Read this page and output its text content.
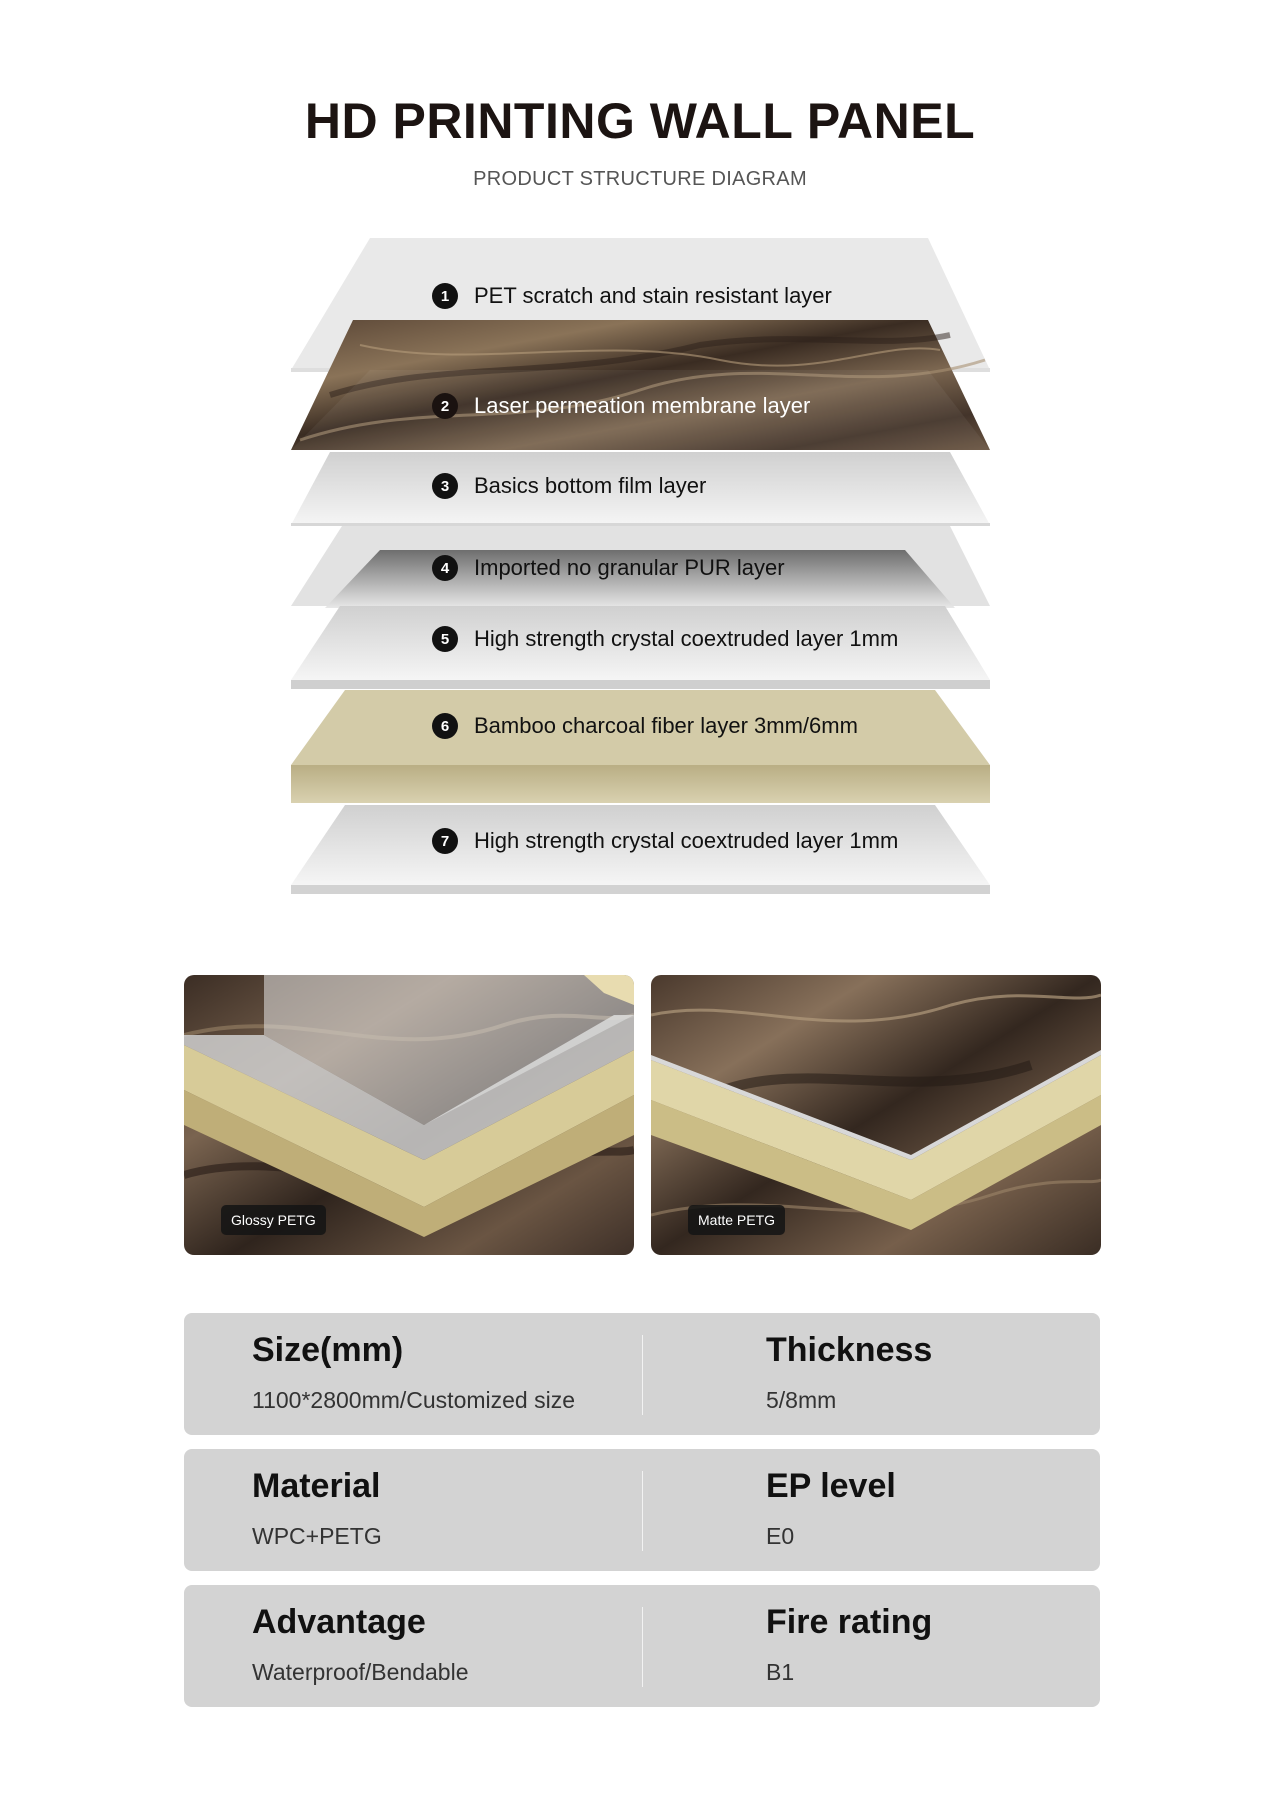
HD PRINTING WALL PANEL

PRODUCT STRUCTURE DIAGRAM

1	PET scratch and stain resistant layer
2	Laser permeation membrane layer
3	Basics bottom film layer
4	Imported no granular PUR layer
5	High strength crystal coextruded layer 1mm
6	Bamboo charcoal fiber layer 3mm/6mm
7	High strength crystal coextruded layer 1mm
Glossy PETG	Matte PETG
Size(mm)
1100*2800mm/Customized size
Thickness
5/8mm
Material
WPC+PETG
EP level
E0
Advantage
Waterproof/Bendable
Fire rating
B1
